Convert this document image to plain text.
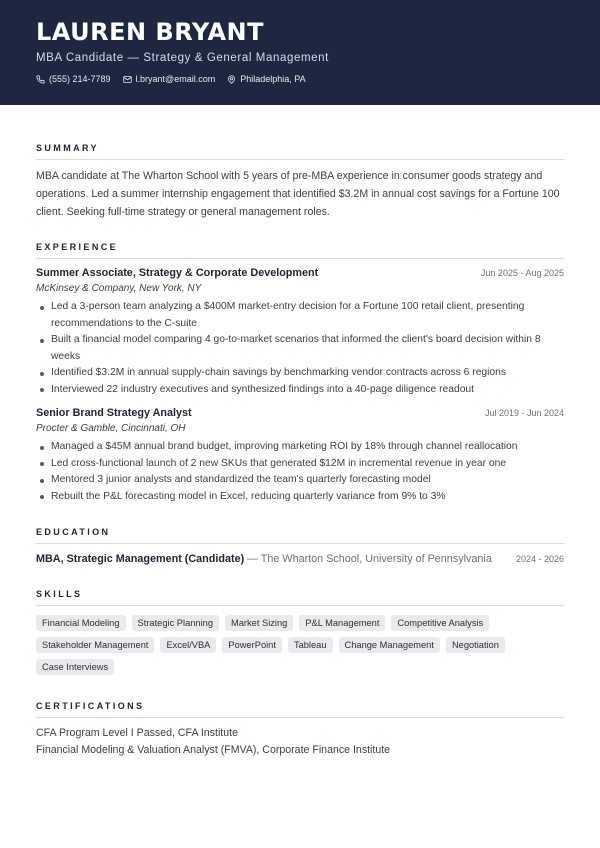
LAUREN BRYANT
MBA Candidate — Strategy & General Management
(555) 214-7789	l.bryant@email.com	Philadelphia, PA
SUMMARY
MBA candidate at The Wharton School with 5 years of pre-MBA experience in consumer goods strategy and operations. Led a summer internship engagement that identified $3.2M in annual cost savings for a Fortune 100 client. Seeking full-time strategy or general management roles.
EXPERIENCE
Summer Associate, Strategy & Corporate Development	Jun 2025 - Aug 2025
McKinsey & Company, New York, NY
Led a 3-person team analyzing a $400M market-entry decision for a Fortune 100 retail client, presenting recommendations to the C-suite
Built a financial model comparing 4 go-to-market scenarios that informed the client's board decision within 8 weeks
Identified $3.2M in annual supply-chain savings by benchmarking vendor contracts across 6 regions
Interviewed 22 industry executives and synthesized findings into a 40-page diligence readout
Senior Brand Strategy Analyst	Jul 2019 - Jun 2024
Procter & Gamble, Cincinnati, OH
Managed a $45M annual brand budget, improving marketing ROI by 18% through channel reallocation
Led cross-functional launch of 2 new SKUs that generated $12M in incremental revenue in year one
Mentored 3 junior analysts and standardized the team's quarterly forecasting model
Rebuilt the P&L forecasting model in Excel, reducing quarterly variance from 9% to 3%
EDUCATION
MBA, Strategic Management (Candidate) — The Wharton School, University of Pennsylvania	2024 - 2026
SKILLS
Financial Modeling	Strategic Planning	Market Sizing	P&L Management	Competitive Analysis
Stakeholder Management	Excel/VBA	PowerPoint	Tableau	Change Management	Negotiation
Case Interviews
CERTIFICATIONS
CFA Program Level I Passed, CFA Institute
Financial Modeling & Valuation Analyst (FMVA), Corporate Finance Institute
